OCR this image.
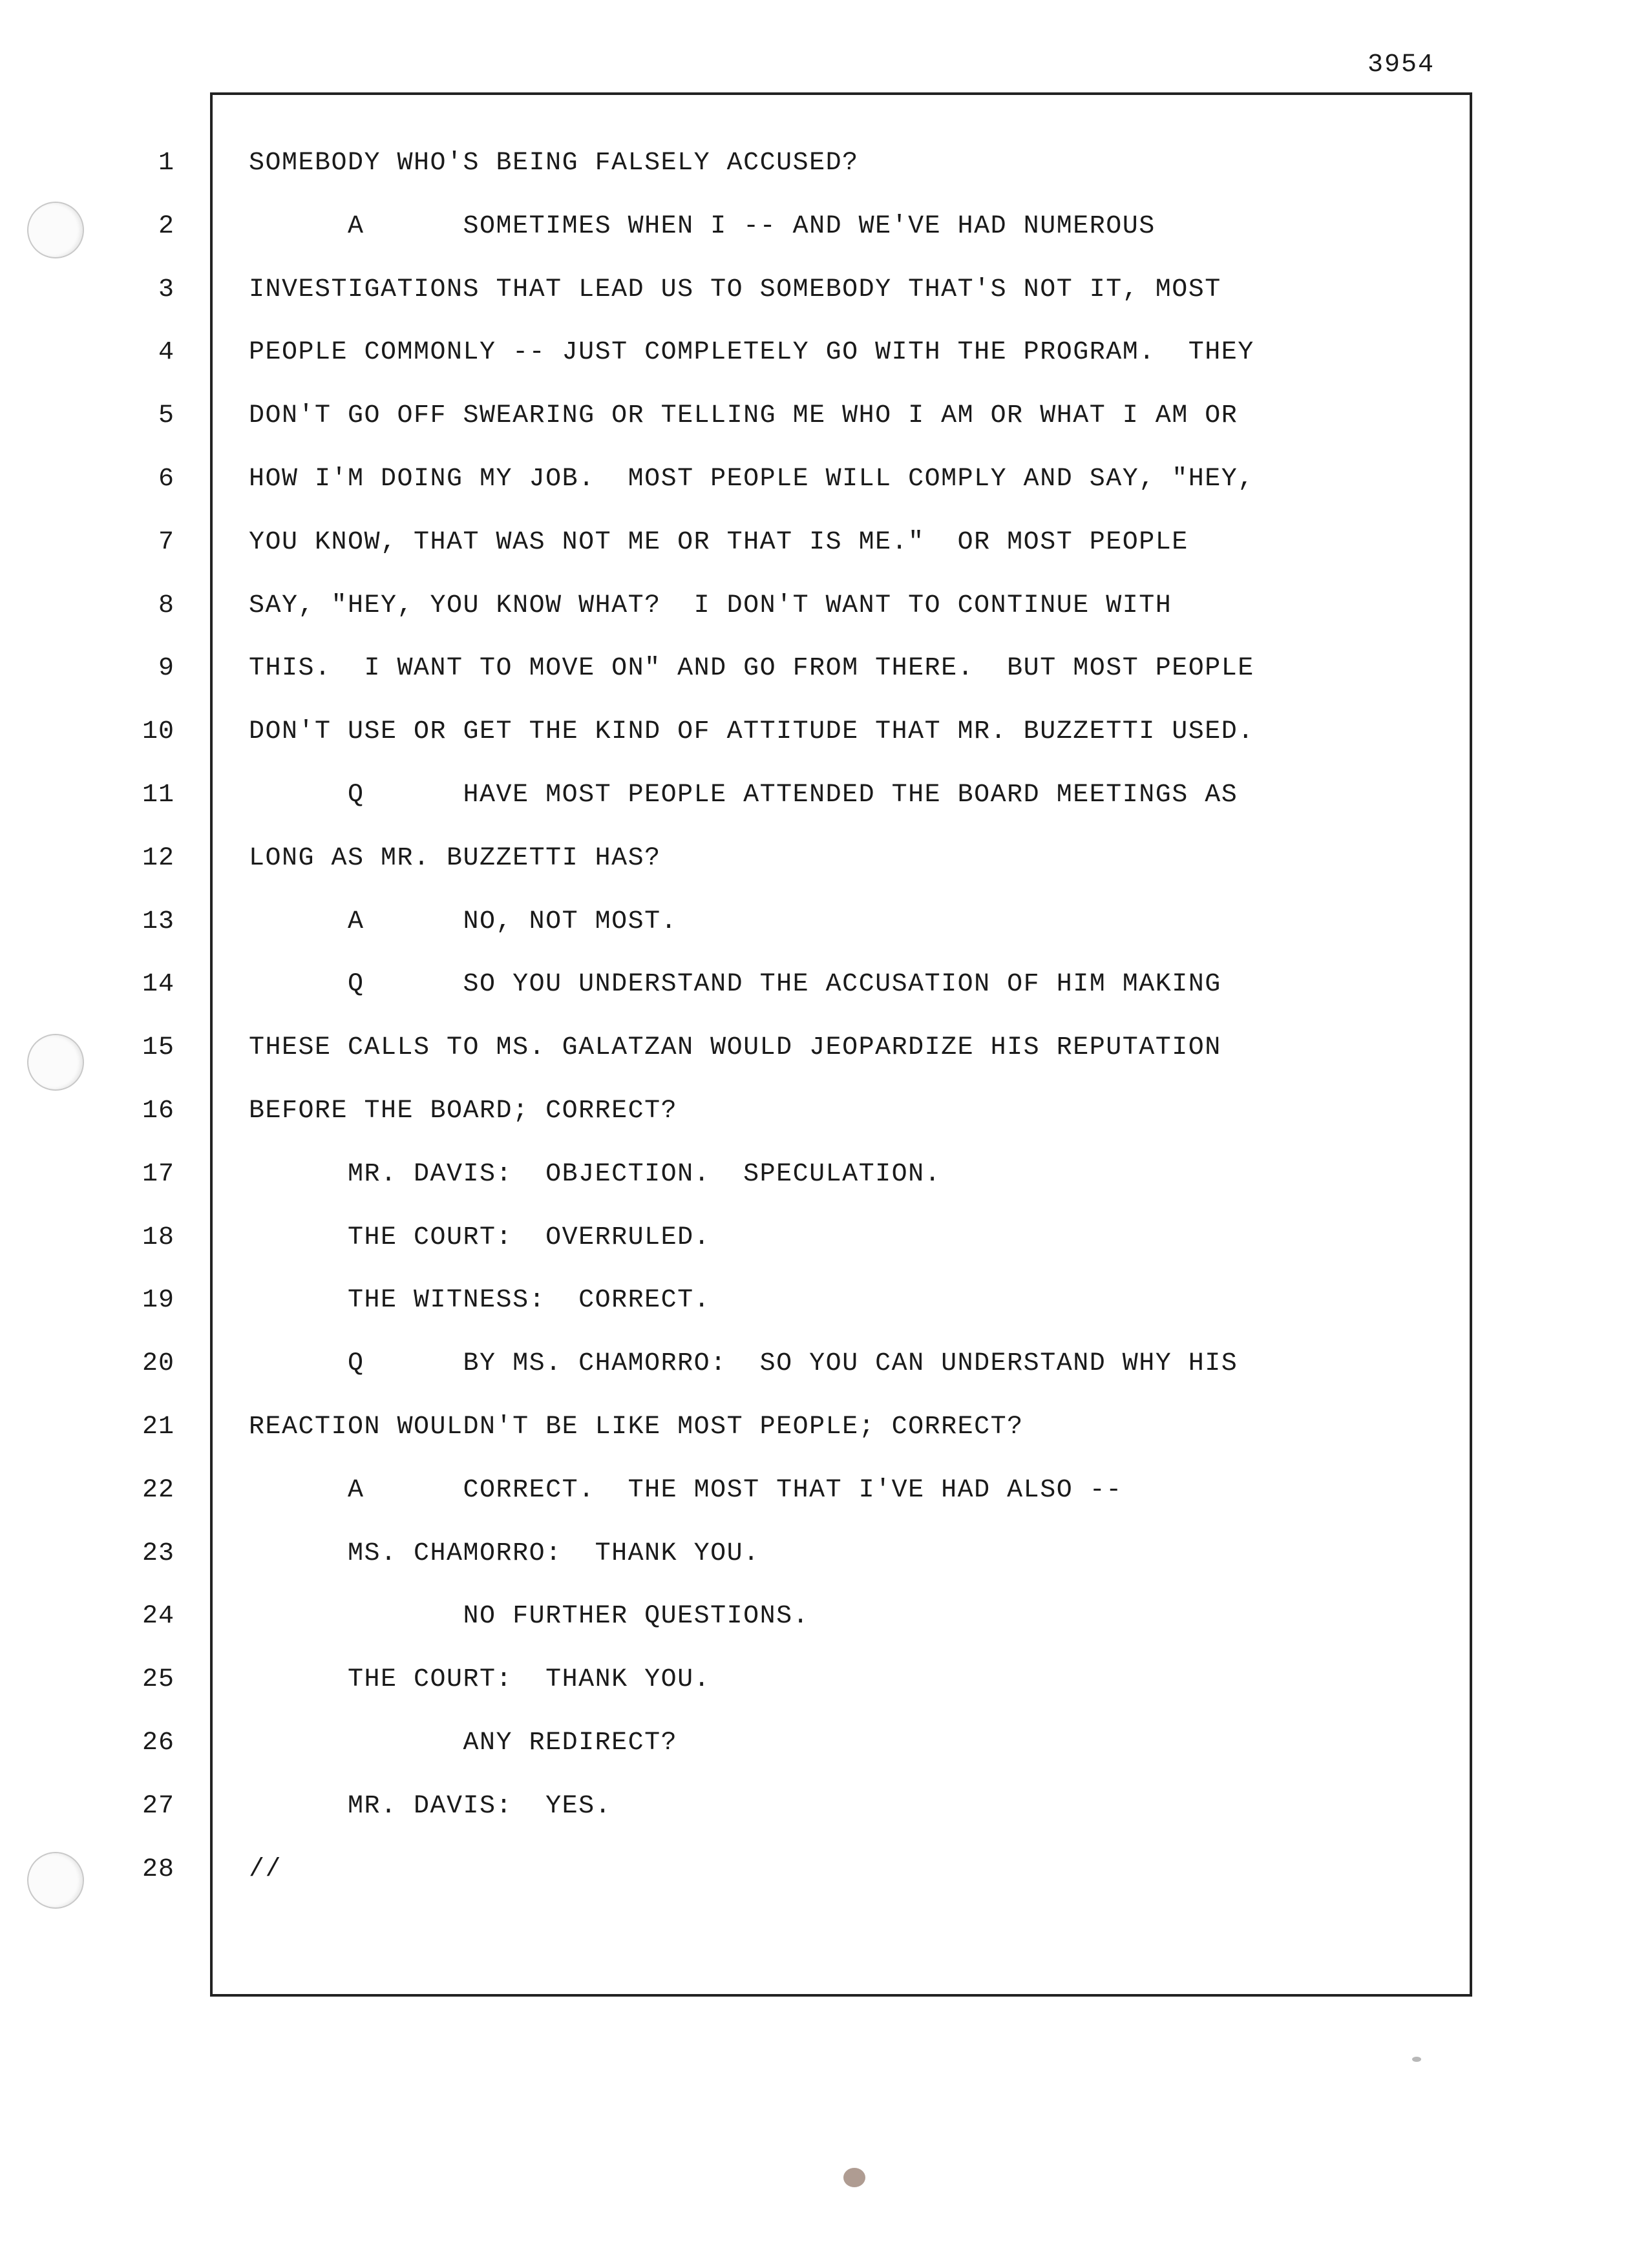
3954
1	SOMEBODY WHO'S BEING FALSELY ACCUSED?
2	A      SOMETIMES WHEN I -- AND WE'VE HAD NUMEROUS
3	INVESTIGATIONS THAT LEAD US TO SOMEBODY THAT'S NOT IT, MOST
4	PEOPLE COMMONLY -- JUST COMPLETELY GO WITH THE PROGRAM.  THEY
5	DON'T GO OFF SWEARING OR TELLING ME WHO I AM OR WHAT I AM OR
6	HOW I'M DOING MY JOB.  MOST PEOPLE WILL COMPLY AND SAY, "HEY,
7	YOU KNOW, THAT WAS NOT ME OR THAT IS ME."  OR MOST PEOPLE
8	SAY, "HEY, YOU KNOW WHAT?  I DON'T WANT TO CONTINUE WITH
9	THIS.  I WANT TO MOVE ON" AND GO FROM THERE.  BUT MOST PEOPLE
10	DON'T USE OR GET THE KIND OF ATTITUDE THAT MR. BUZZETTI USED.
11	Q      HAVE MOST PEOPLE ATTENDED THE BOARD MEETINGS AS
12	LONG AS MR. BUZZETTI HAS?
13	A      NO, NOT MOST.
14	Q      SO YOU UNDERSTAND THE ACCUSATION OF HIM MAKING
15	THESE CALLS TO MS. GALATZAN WOULD JEOPARDIZE HIS REPUTATION
16	BEFORE THE BOARD; CORRECT?
17	MR. DAVIS:  OBJECTION.  SPECULATION.
18	THE COURT:  OVERRULED.
19	THE WITNESS:  CORRECT.
20	Q      BY MS. CHAMORRO:  SO YOU CAN UNDERSTAND WHY HIS
21	REACTION WOULDN'T BE LIKE MOST PEOPLE; CORRECT?
22	A      CORRECT.  THE MOST THAT I'VE HAD ALSO --
23	MS. CHAMORRO:  THANK YOU.
24	NO FURTHER QUESTIONS.
25	THE COURT:  THANK YOU.
26	ANY REDIRECT?
27	MR. DAVIS:  YES.
28	//
